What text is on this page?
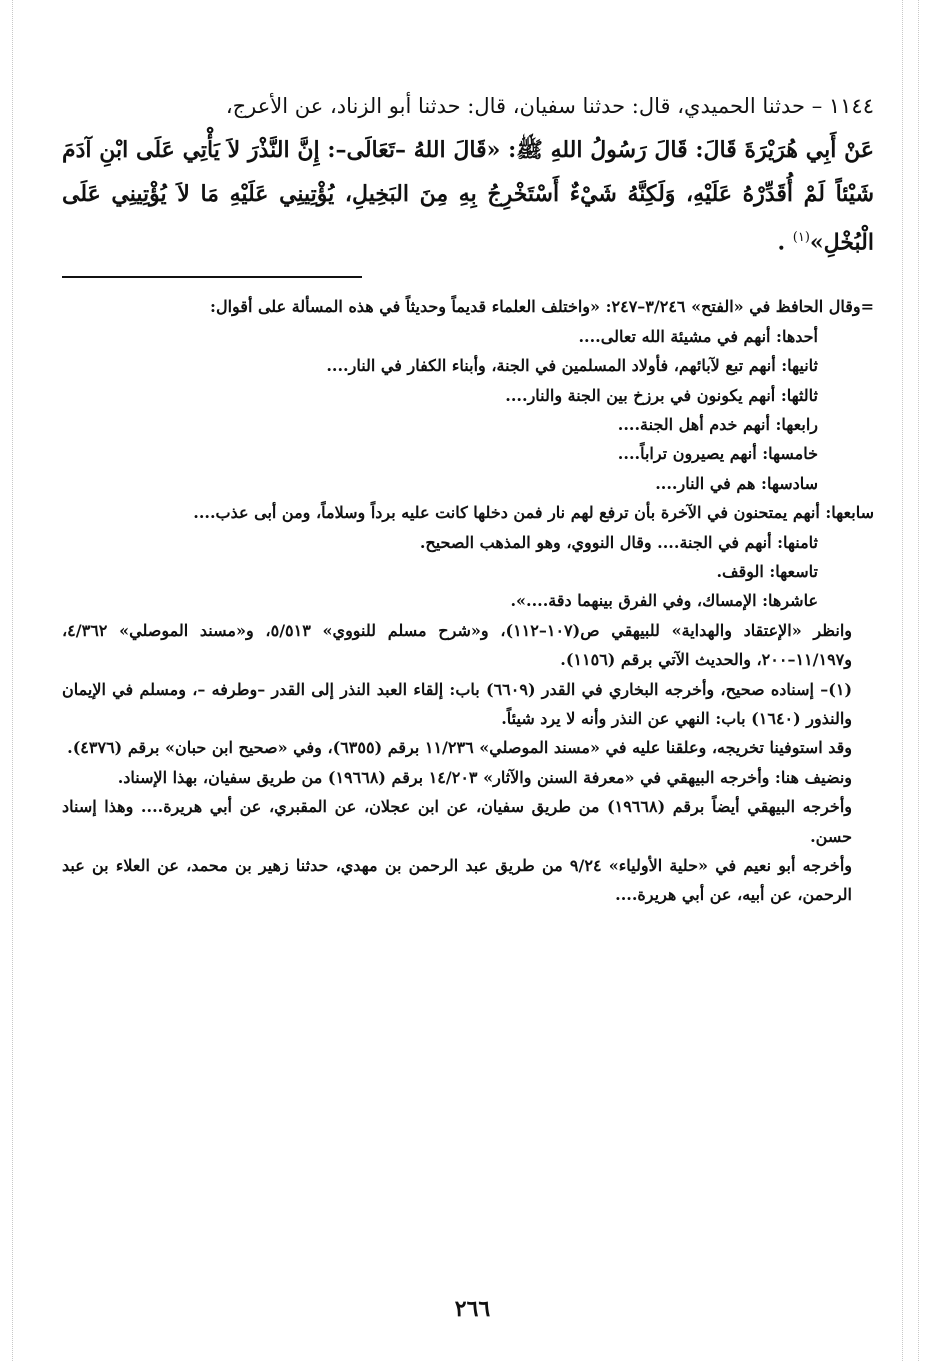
١١٤٤ – حدثنا الحميدي، قال: حدثنا سفيان، قال: حدثنا أبو الزناد، عن الأعرج،

عَنْ أَبِي هُرَيْرَةَ قَالَ: قَالَ رَسُولُ اللهِ ﷺ: «قَالَ اللهُ –تَعَالَى–: إِنَّ النَّذْرَ لاَ يَأْتِي عَلَى ابْنِ آدَمَ شَيْئاً لَمْ أُقَدِّرْهُ عَلَيْهِ، وَلَكِنَّهُ شَيْءٌ أَسْتَخْرِجُ بِهِ مِنَ البَخِيلِ، يُؤْتِينِي عَلَيْهِ مَا لاَ يُؤْتِينِي عَلَى الْبُخْلِ»$^{(١)}$ .

=وقال الحافظ في «الفتح» ٣/٢٤٦–٢٤٧: «واختلف العلماء قديماً وحديثاً في هذه المسألة على أقوال:

أحدها: أنهم في مشيئة الله تعالى....

ثانيها: أنهم تبع لآبائهم، فأولاد المسلمين في الجنة، وأبناء الكفار في النار....

ثالثها: أنهم يكونون في برزخ بين الجنة والنار....

رابعها: أنهم خدم أهل الجنة....

خامسها: أنهم يصيرون تراباً....

سادسها: هم في النار....

سابعها: أنهم يمتحنون في الآخرة بأن ترفع لهم نار فمن دخلها كانت عليه برداً وسلاماً، ومن أبى عذب....

ثامنها: أنهم في الجنة.... وقال النووي، وهو المذهب الصحيح.

تاسعها: الوقف.

عاشرها: الإمساك، وفي الفرق بينهما دقة....».

وانظر «الإعتقاد والهداية» للبيهقي ص(١٠٧–١١٢)، و«شرح مسلم للنووي» ٥/٥١٣، و«مسند الموصلي» ٤/٣٦٢، و١١/١٩٧–٢٠٠، والحديث الآتي برقم (١١٥٦).

(١)– إسناده صحيح، وأخرجه البخاري في القدر (٦٦٠٩) باب: إلقاء العبد النذر إلى القدر –وطرفه –، ومسلم في الإيمان والنذور (١٦٤٠) باب: النهي عن النذر وأنه لا يرد شيئاً.

وقد استوفينا تخريجه، وعلقنا عليه في «مسند الموصلي» ١١/٢٣٦ برقم (٦٣٥٥)، وفي «صحيح ابن حبان» برقم (٤٣٧٦).

ونضيف هنا: وأخرجه البيهقي في «معرفة السنن والآثار» ١٤/٢٠٣ برقم (١٩٦٦٨) من طريق سفيان، بهذا الإسناد.

وأخرجه البيهقي أيضاً برقم (١٩٦٦٨) من طريق سفيان، عن ابن عجلان، عن المقبري، عن أبي هريرة.... وهذا إسناد حسن.

وأخرجه أبو نعيم في «حلية الأولياء» ٩/٢٤ من طريق عبد الرحمن بن مهدي، حدثنا زهير بن محمد، عن العلاء بن عبد الرحمن، عن أبيه، عن أبي هريرة....

٢٦٦
